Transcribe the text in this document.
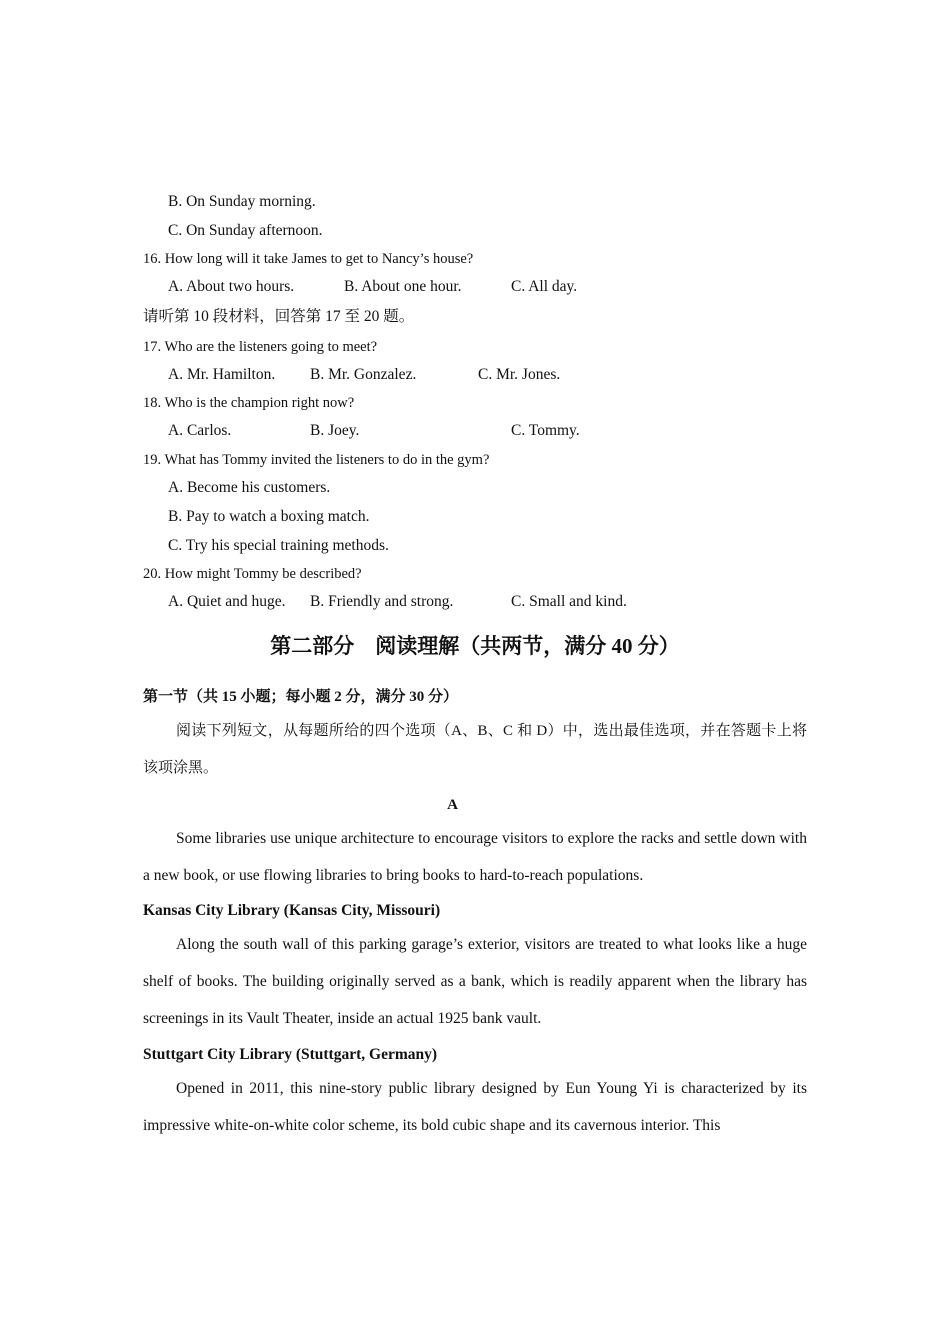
B. On Sunday morning.
C. On Sunday afternoon.
16. How long will it take James to get to Nancy’s house?
A. About two hours.	B. About one hour.	C. All day.
请听第 10 段材料，回答第 17 至 20 题。
17. Who are the listeners going to meet?
A. Mr. Hamilton. B. Mr. Gonzalez.	C. Mr. Jones.
18. Who is the champion right now?
A. Carlos.	B. Joey.	C. Tommy.
19. What has Tommy invited the listeners to do in the gym?
A. Become his customers.
B. Pay to watch a boxing match.
C. Try his special training methods.
20. How might Tommy be described?
A. Quiet and huge. B. Friendly and strong.	C. Small and kind.
第二部分　阅读理解（共两节，满分 40 分）
第一节（共 15 小题；每小题 2 分，满分 30 分）
阅读下列短文，从每题所给的四个选项（A、B、C 和 D）中，选出最佳选项，并在答题卡上将该项涂黑。
A
Some libraries use unique architecture to encourage visitors to explore the racks and settle down with a new book, or use flowing libraries to bring books to hard-to-reach populations.
Kansas City Library (Kansas City, Missouri)
Along the south wall of this parking garage’s exterior, visitors are treated to what looks like a huge shelf of books. The building originally served as a bank, which is readily apparent when the library has screenings in its Vault Theater, inside an actual 1925 bank vault.
Stuttgart City Library (Stuttgart, Germany)
Opened in 2011, this nine-story public library designed by Eun Young Yi is characterized by its impressive white-on-white color scheme, its bold cubic shape and its cavernous interior. This
